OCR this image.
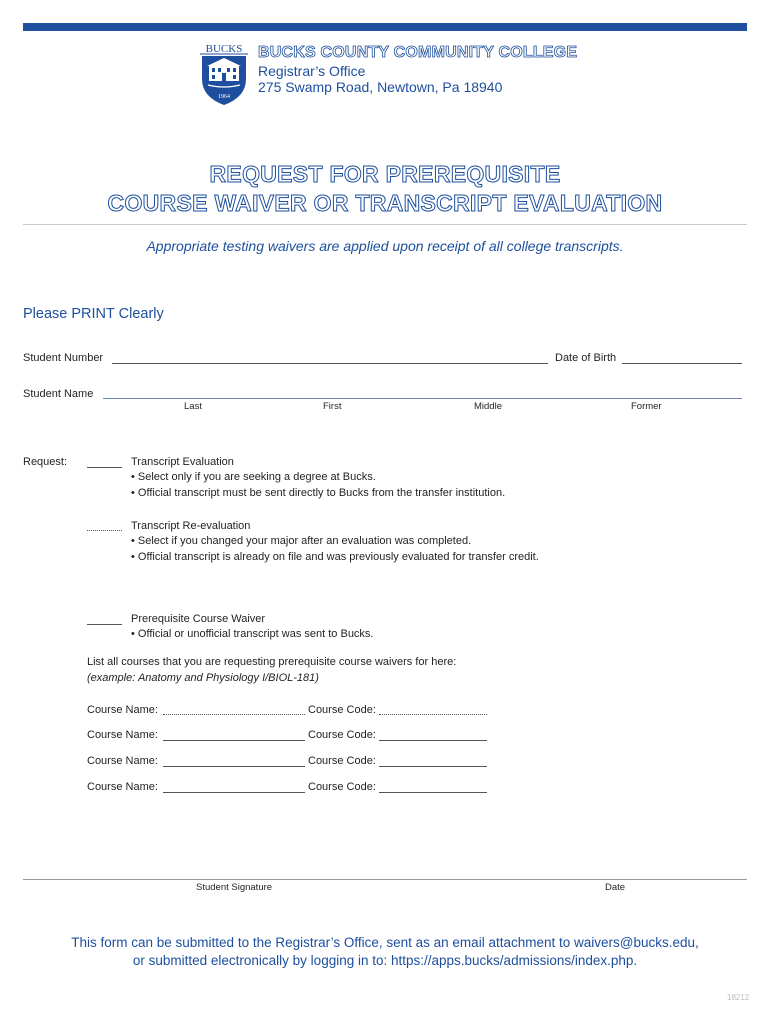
BUCKS
1964
BUCKS COUNTY COMMUNITY COLLEGE
Registrar’s Office
275 Swamp Road, Newtown, Pa 18940
REQUEST FOR PREREQUISITE
COURSE WAIVER OR TRANSCRIPT EVALUATION
Appropriate testing waivers are applied upon receipt of all college transcripts.
Please PRINT Clearly
Student Number	Date of Birth
Student Name
Last	First	Middle	Former
Request:	Transcript Evaluation
• Select only if you are seeking a degree at Bucks.
• Official transcript must be sent directly to Bucks from the transfer institution.
Transcript Re-evaluation
• Select if you changed your major after an evaluation was completed.
• Official transcript is already on file and was previously evaluated for transfer credit.
Prerequisite Course Waiver
• Official or unofficial transcript was sent to Bucks.
List all courses that you are requesting prerequisite course waivers for here:
(example: Anatomy and Physiology I/BIOL-181)
Course Name:	Course Code:
Course Name:	Course Code:
Course Name:	Course Code:
Course Name:	Course Code:
Student Signature	Date
This form can be submitted to the Registrar’s Office, sent as an email attachment to waivers@bucks.edu,
or submitted electronically by logging in to: https://apps.bucks/admissions/index.php.
18212
